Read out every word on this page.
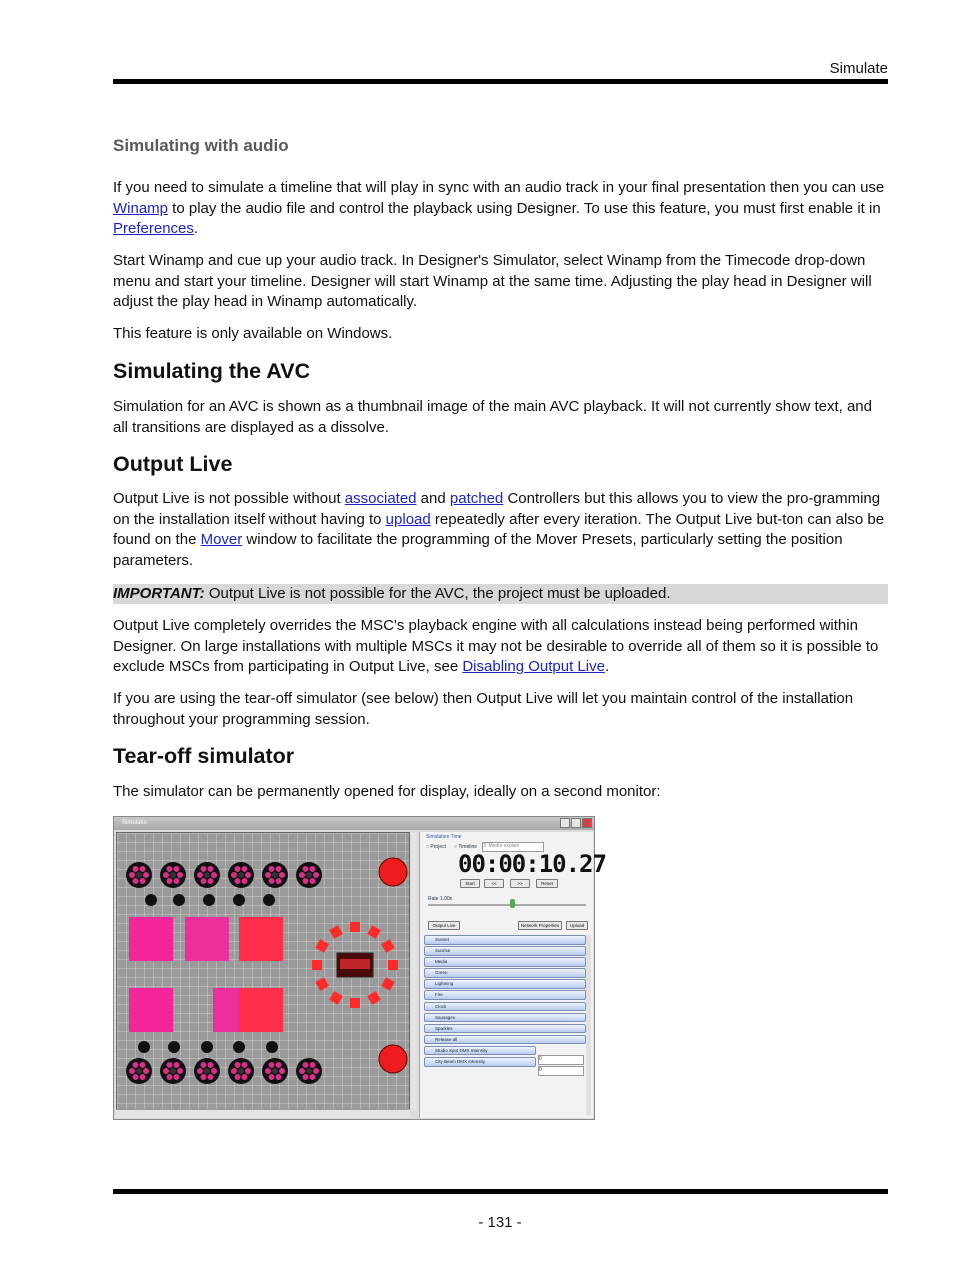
Simulate
Simulating with audio
If you need to simulate a timeline that will play in sync with an audio track in your final presentation then you can use Winamp to play the audio file and control the playback using Designer. To use this feature, you must first enable it in Preferences.
Start Winamp and cue up your audio track. In Designer's Simulator, select Winamp from the Timecode drop-down menu and start your timeline. Designer will start Winamp at the same time. Adjusting the play head in Designer will adjust the play head in Winamp automatically.
This feature is only available on Windows.
Simulating the AVC
Simulation for an AVC is shown as a thumbnail image of the main AVC playback. It will not currently show text, and all transitions are displayed as a dissolve.
Output Live
Output Live is not possible without associated and patched Controllers but this allows you to view the pro-gramming on the installation itself without having to upload repeatedly after every iteration. The Output Live but-ton can also be found on the Mover window to facilitate the programming of the Mover Presets, particularly setting the position parameters.
IMPORTANT: Output Live is not possible for the AVC, the project must be uploaded.
Output Live completely overrides the MSC's playback engine with all calculations instead being performed within Designer. On large installations with multiple MSCs it may not be desirable to override all of them so it is possible to exclude MSCs from participating in Output Live, see Disabling Output Live.
If you are using the tear-off simulator (see below) then Output Live will let you maintain control of the installation throughout your programming session.
Tear-off simulator
The simulator can be permanently opened for display, ideally on a second monitor:
Simulator
Simulation Time
○ Project ○ Timeline 3. Media explain
00:00:10.27
Start	<<	>>	Reset
Rate 1.00x
Output Live	Network Properties	Upload
Sunset
Sunrise
Media
Green
Lightning
Fire
Clock
Sausages
Sparkles
Release all
Studio Spot DMX Intensity
City Beam DMX Intensity	0
0
- 131 -
